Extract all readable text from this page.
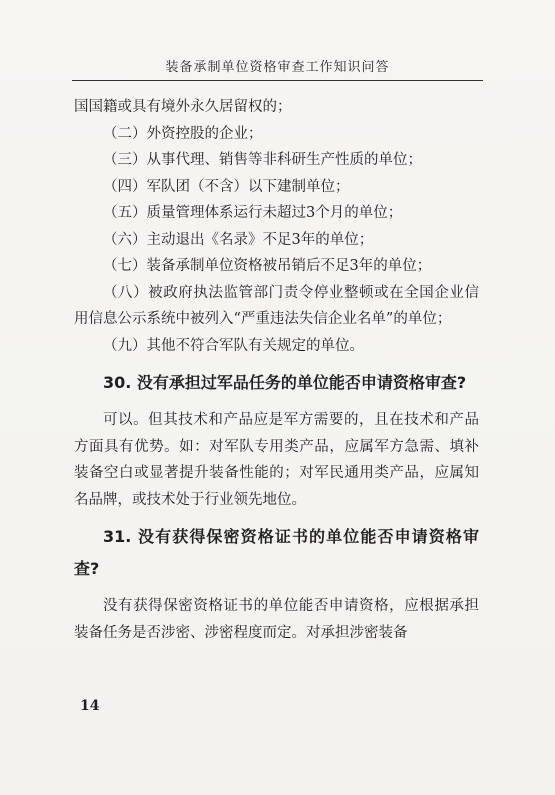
装备承制单位资格审查工作知识问答

国国籍或具有境外永久居留权的；

（二）外资控股的企业；

（三）从事代理、销售等非科研生产性质的单位；

（四）军队团（不含）以下建制单位；

（五）质量管理体系运行未超过3个月的单位；

（六）主动退出《名录》不足3年的单位；

（七）装备承制单位资格被吊销后不足3年的单位；

（八）被政府执法监管部门责令停业整顿或在全国企业信用信息公示系统中被列入“严重违法失信企业名单”的单位；

（九）其他不符合军队有关规定的单位。

30. 没有承担过军品任务的单位能否申请资格审查?

可以。但其技术和产品应是军方需要的，且在技术和产品方面具有优势。如：对军队专用类产品，应属军方急需、填补装备空白或显著提升装备性能的；对军民通用类产品，应属知名品牌，或技术处于行业领先地位。

31. 没有获得保密资格证书的单位能否申请资格审查?

没有获得保密资格证书的单位能否申请资格，应根据承担装备任务是否涉密、涉密程度而定。对承担涉密装备

14
